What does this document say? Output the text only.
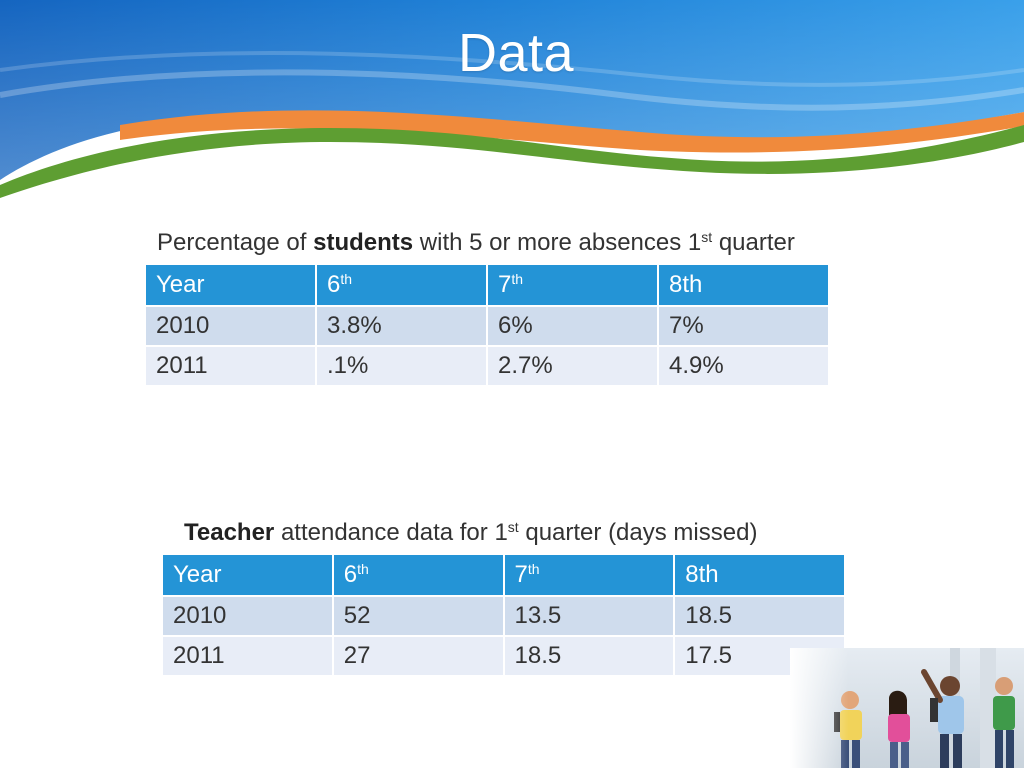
Data
Percentage of students with 5 or more absences 1st quarter
Year	6th	7th	8th
2010	3.8%	6%	7%
2011	.1%	2.7%	4.9%
Teacher attendance data for 1st quarter (days missed)
Year	6th	7th	8th
2010	52	13.5	18.5
2011	27	18.5	17.5
